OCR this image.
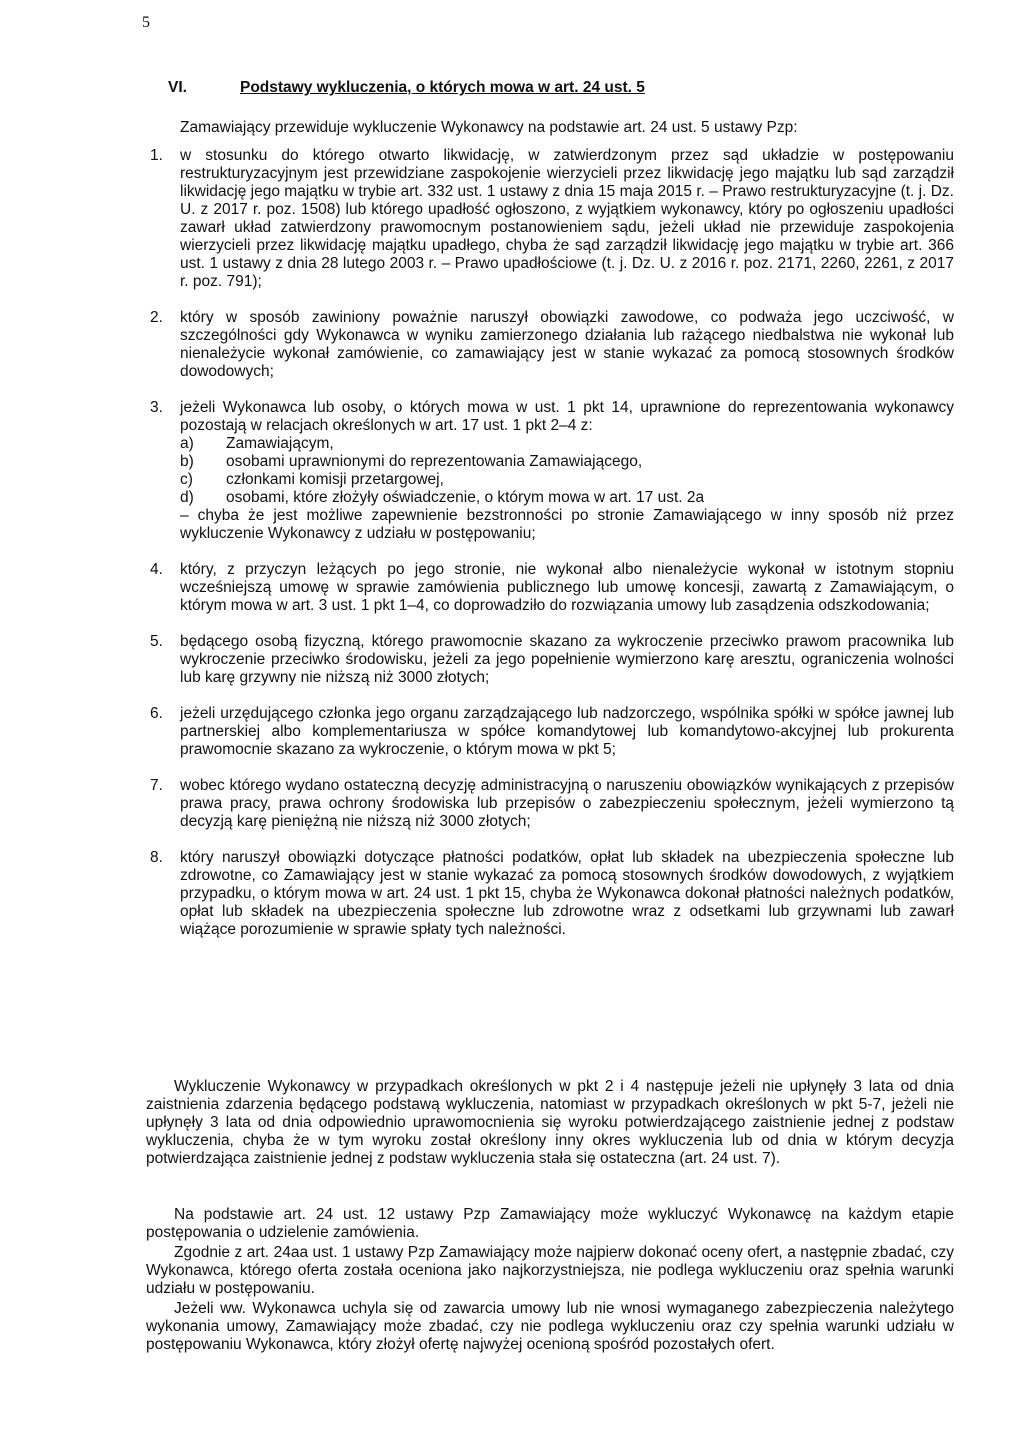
5
VI.	Podstawy wykluczenia, o których mowa w art. 24 ust. 5
Zamawiający przewiduje wykluczenie Wykonawcy na podstawie art. 24 ust. 5 ustawy Pzp:
1. w stosunku do którego otwarto likwidację, w zatwierdzonym przez sąd układzie w postępowaniu restrukturyzacyjnym jest przewidziane zaspokojenie wierzycieli przez likwidację jego majątku lub sąd zarządził likwidację jego majątku w trybie art. 332 ust. 1 ustawy z dnia 15 maja 2015 r. – Prawo restrukturyzacyjne (t. j. Dz. U. z 2017 r. poz. 1508) lub którego upadłość ogłoszono, z wyjątkiem wykonawcy, który po ogłoszeniu upadłości zawarł układ zatwierdzony prawomocnym postanowieniem sądu, jeżeli układ nie przewiduje zaspokojenia wierzycieli przez likwidację majątku upadłego, chyba że sąd zarządził likwidację jego majątku w trybie art. 366 ust. 1 ustawy z dnia 28 lutego 2003 r. – Prawo upadłościowe (t. j. Dz. U. z 2016 r. poz. 2171, 2260, 2261, z 2017 r. poz. 791);
2. który w sposób zawiniony poważnie naruszył obowiązki zawodowe, co podważa jego uczciwość, w szczególności gdy Wykonawca w wyniku zamierzonego działania lub rażącego niedbalstwa nie wykonał lub nienależycie wykonał zamówienie, co zamawiający jest w stanie wykazać za pomocą stosownych środków dowodowych;
3. jeżeli Wykonawca lub osoby, o których mowa w ust. 1 pkt 14, uprawnione do reprezentowania wykonawcy pozostają w relacjach określonych w art. 17 ust. 1 pkt 2–4 z:
a) Zamawiającym,
b) osobami uprawnionymi do reprezentowania Zamawiającego,
c) członkami komisji przetargowej,
d) osobami, które złożyły oświadczenie, o którym mowa w art. 17 ust. 2a
– chyba że jest możliwe zapewnienie bezstronności po stronie Zamawiającego w inny sposób niż przez wykluczenie Wykonawcy z udziału w postępowaniu;
4. który, z przyczyn leżących po jego stronie, nie wykonał albo nienależycie wykonał w istotnym stopniu wcześniejszą umowę w sprawie zamówienia publicznego lub umowę koncesji, zawartą z Zamawiającym, o którym mowa w art. 3 ust. 1 pkt 1–4, co doprowadziło do rozwiązania umowy lub zasądzenia odszkodowania;
5. będącego osobą fizyczną, którego prawomocnie skazano za wykroczenie przeciwko prawom pracownika lub wykroczenie przeciwko środowisku, jeżeli za jego popełnienie wymierzono karę aresztu, ograniczenia wolności lub karę grzywny nie niższą niż 3000 złotych;
6. jeżeli urzędującego członka jego organu zarządzającego lub nadzorczego, wspólnika spółki w spółce jawnej lub partnerskiej albo komplementariusza w spółce komandytowej lub komandytowo-akcyjnej lub prokurenta prawomocnie skazano za wykroczenie, o którym mowa w pkt 5;
7. wobec którego wydano ostateczną decyzję administracyjną o naruszeniu obowiązków wynikających z przepisów prawa pracy, prawa ochrony środowiska lub przepisów o zabezpieczeniu społecznym, jeżeli wymierzono tą decyzją karę pieniężną nie niższą niż 3000 złotych;
8. który naruszył obowiązki dotyczące płatności podatków, opłat lub składek na ubezpieczenia społeczne lub zdrowotne, co Zamawiający jest w stanie wykazać za pomocą stosownych środków dowodowych, z wyjątkiem przypadku, o którym mowa w art. 24 ust. 1 pkt 15, chyba że Wykonawca dokonał płatności należnych podatków, opłat lub składek na ubezpieczenia społeczne lub zdrowotne wraz z odsetkami lub grzywnami lub zawarł wiążące porozumienie w sprawie spłaty tych należności.
Wykluczenie Wykonawcy w przypadkach określonych w pkt 2 i 4 następuje jeżeli nie upłynęły 3 lata od dnia zaistnienia zdarzenia będącego podstawą wykluczenia, natomiast w przypadkach określonych w pkt 5-7, jeżeli nie upłynęły 3 lata od dnia odpowiednio uprawomocnienia się wyroku potwierdzającego zaistnienie jednej z podstaw wykluczenia, chyba że w tym wyroku został określony inny okres wykluczenia lub od dnia w którym decyzja potwierdzająca zaistnienie jednej z podstaw wykluczenia stała się ostateczna (art. 24 ust. 7).
Na podstawie art. 24 ust. 12 ustawy Pzp Zamawiający może wykluczyć Wykonawcę na każdym etapie postępowania o udzielenie zamówienia.
Zgodnie z art. 24aa ust. 1 ustawy Pzp Zamawiający może najpierw dokonać oceny ofert, a następnie zbadać, czy Wykonawca, którego oferta została oceniona jako najkorzystniejsza, nie podlega wykluczeniu oraz spełnia warunki udziału w postępowaniu.
Jeżeli ww. Wykonawca uchyla się od zawarcia umowy lub nie wnosi wymaganego zabezpieczenia należytego wykonania umowy, Zamawiający może zbadać, czy nie podlega wykluczeniu oraz czy spełnia warunki udziału w postępowaniu Wykonawca, który złożył ofertę najwyżej ocenioną spośród pozostałych ofert.
